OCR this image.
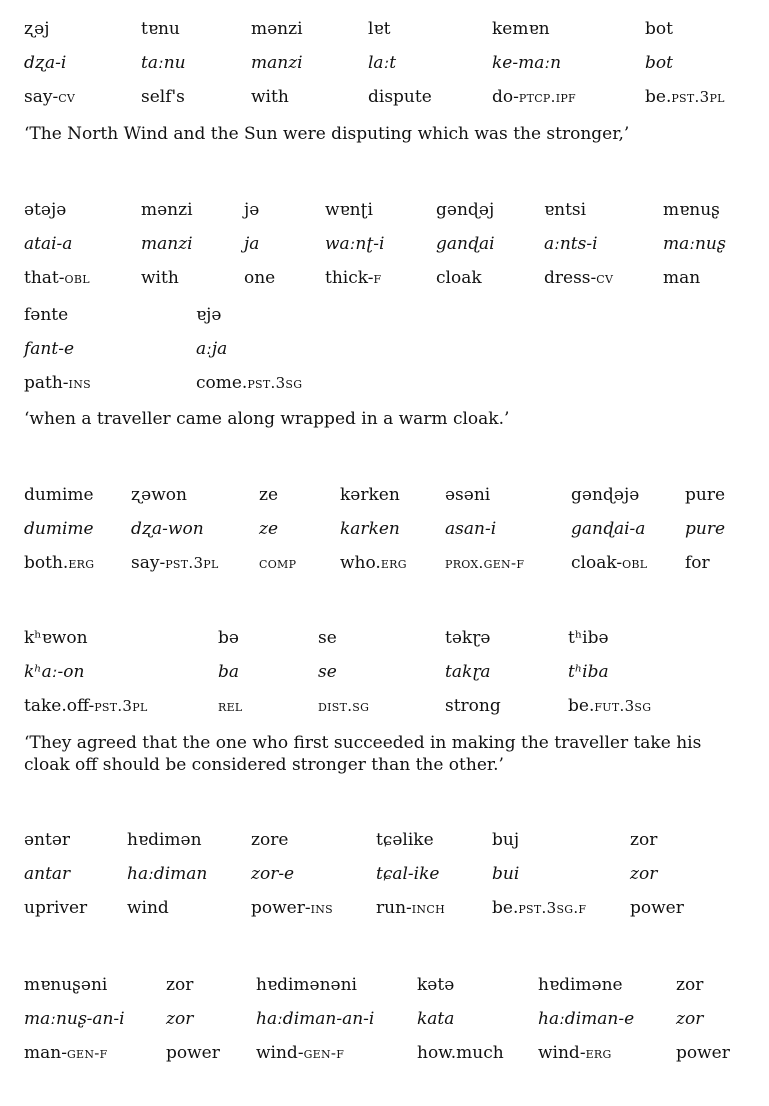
ʐəj
dʐa-i
say-cv
tɐnu
taːnu
self's
mənzi
manzi
with
lɐt
laːt
dispute
kemɐn
ke-maːn
do-ptcp.ipf
bot
bot
be.pst.3pl
‘The North Wind and the Sun were disputing which was the stronger,’
ətəjə
atai-a
that-obl
mənzi
manzi
with
jə
ja
one
wɐnʈi
waːnʈ-i
thick-f
gənɖəj
ganɖai
cloak
ɐntsi
aːnts-i
dress-cv
mɐnuʂ
maːnuʂ
man
fənte
fant-e
path-ins
ɐjə
aːja
come.pst.3sg
‘when a traveller came along wrapped in a warm cloak.’
dumime
dumime
both.erg
ʐəwon
dʐa-won
say-pst.3pl
ze
ze
comp
kərken
karken
who.erg
əsəni
asan-i
prox.gen-f
gənɖəjə
ganɖai-a
cloak-obl
pure
pure
for
kʰɐwon
kʰaː-on
take.off-pst.3pl
bə
ba
rel
se
se
dist.sg
təkɽə
takɽa
strong
tʰibə
tʰiba
be.fut.3sg
‘They agreed that the one who first succeeded in making the traveller take his cloak off should be considered stronger than the other.’
əntər
antar
upriver
hɐdimən
haːdiman
wind
zore
zor-e
power-ins
tɕəlike
tɕal-ike
run-inch
buj
bui
be.pst.3sg.f
zor
zor
power
mɐnuʂəni
maːnuʂ-an-i
man-gen-f
zor
zor
power
hɐdimənəni
haːdiman-an-i
wind-gen-f
kətə
kata
how.much
hɐdiməne
haːdiman-e
wind-erg
zor
zor
power
